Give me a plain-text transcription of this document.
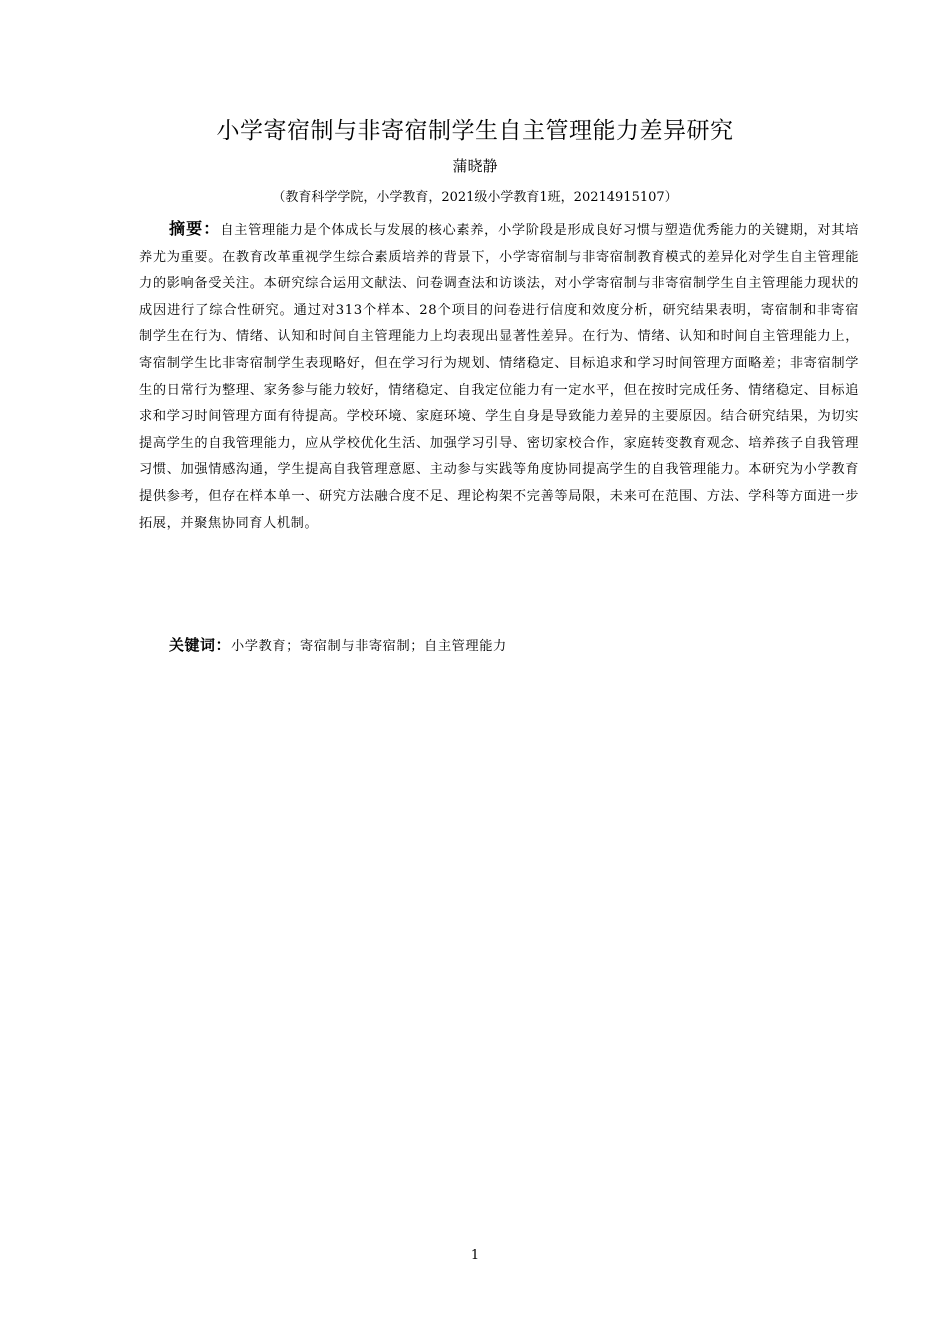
小学寄宿制与非寄宿制学生自主管理能力差异研究
蒲晓静
（教育科学学院，小学教育，2021级小学教育1班，20214915107）

摘要：自主管理能力是个体成长与发展的核心素养，小学阶段是形成良好习惯与塑造优秀能力的关键期，对其培养尤为重要。在教育改革重视学生综合素质培养的背景下，小学寄宿制与非寄宿制教育模式的差异化对学生自主管理能力的影响备受关注。本研究综合运用文献法、问卷调查法和访谈法，对小学寄宿制与非寄宿制学生自主管理能力现状的成因进行了综合性研究。通过对313个样本、28个项目的问卷进行信度和效度分析，研究结果表明，寄宿制和非寄宿制学生在行为、情绪、认知和时间自主管理能力上均表现出显著性差异。在行为、情绪、认知和时间自主管理能力上，寄宿制学生比非寄宿制学生表现略好，但在学习行为规划、情绪稳定、目标追求和学习时间管理方面略差；非寄宿制学生的日常行为整理、家务参与能力较好，情绪稳定、自我定位能力有一定水平，但在按时完成任务、情绪稳定、目标追求和学习时间管理方面有待提高。学校环境、家庭环境、学生自身是导致能力差异的主要原因。结合研究结果，为切实提高学生的自我管理能力，应从学校优化生活、加强学习引导、密切家校合作，家庭转变教育观念、培养孩子自我管理习惯、加强情感沟通，学生提高自我管理意愿、主动参与实践等角度协同提高学生的自我管理能力。本研究为小学教育提供参考，但存在样本单一、研究方法融合度不足、理论构架不完善等局限，未来可在范围、方法、学科等方面进一步拓展，并聚焦协同育人机制。

关键词：小学教育；寄宿制与非寄宿制；自主管理能力
1
